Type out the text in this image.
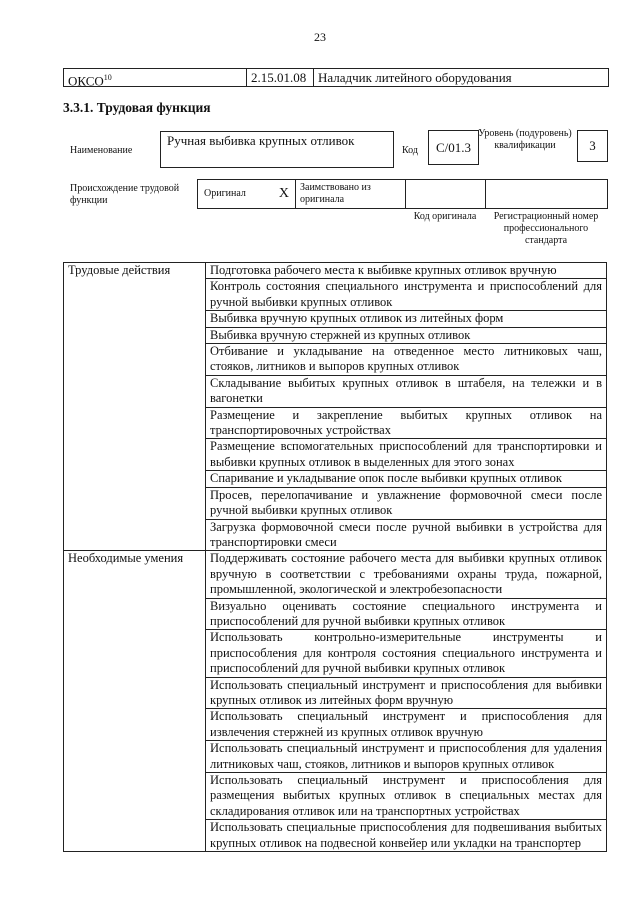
23
ОКСО$^{10}$	2.15.01.08 Наладчик литейного оборудования
3.3.1. Трудовая функция
Наименование
Ручная выбивка крупных отливок
Код	C/01.3
Уровень (подуровень) квалификации	3
Происхождение трудовой функции
Оригинал X	Заимствовано из оригинала
Код оригинала	Регистрационный номер профессионального стандарта
Трудовые действия	Подготовка рабочего места к выбивке крупных отливок вручную
	Контроль состояния специального инструмента и приспособлений для ручной выбивки крупных отливок
	Выбивка вручную крупных отливок из литейных форм
	Выбивка вручную стержней из крупных отливок
	Отбивание и укладывание на отведенное место литниковых чаш, стояков, литников и выпоров крупных отливок
	Складывание выбитых крупных отливок в штабеля, на тележки и в вагонетки
	Размещение и закрепление выбитых крупных отливок на транспортировочных устройствах
	Размещение вспомогательных приспособлений для транспортировки и выбивки крупных отливок в выделенных для этого зонах
	Спаривание и укладывание опок после выбивки крупных отливок
	Просев, перелопачивание и увлажнение формовочной смеси после ручной выбивки крупных отливок
	Загрузка формовочной смеси после ручной выбивки в устройства для транспортировки смеси
Необходимые умения	Поддерживать состояние рабочего места для выбивки крупных отливок вручную в соответствии с требованиями охраны труда, пожарной, промышленной, экологической и электробезопасности
	Визуально оценивать состояние специального инструмента и приспособлений для ручной выбивки крупных отливок
	Использовать контрольно-измерительные инструменты и приспособления для контроля состояния специального инструмента и приспособлений для ручной выбивки крупных отливок
	Использовать специальный инструмент и приспособления для выбивки крупных отливок из литейных форм вручную
	Использовать специальный инструмент и приспособления для извлечения стержней из крупных отливок вручную
	Использовать специальный инструмент и приспособления для удаления литниковых чаш, стояков, литников и выпоров крупных отливок
	Использовать специальный инструмент и приспособления для размещения выбитых крупных отливок в специальных местах для складирования отливок или на транспортных устройствах
	Использовать специальные приспособления для подвешивания выбитых крупных отливок на подвесной конвейер или укладки на транспортер
